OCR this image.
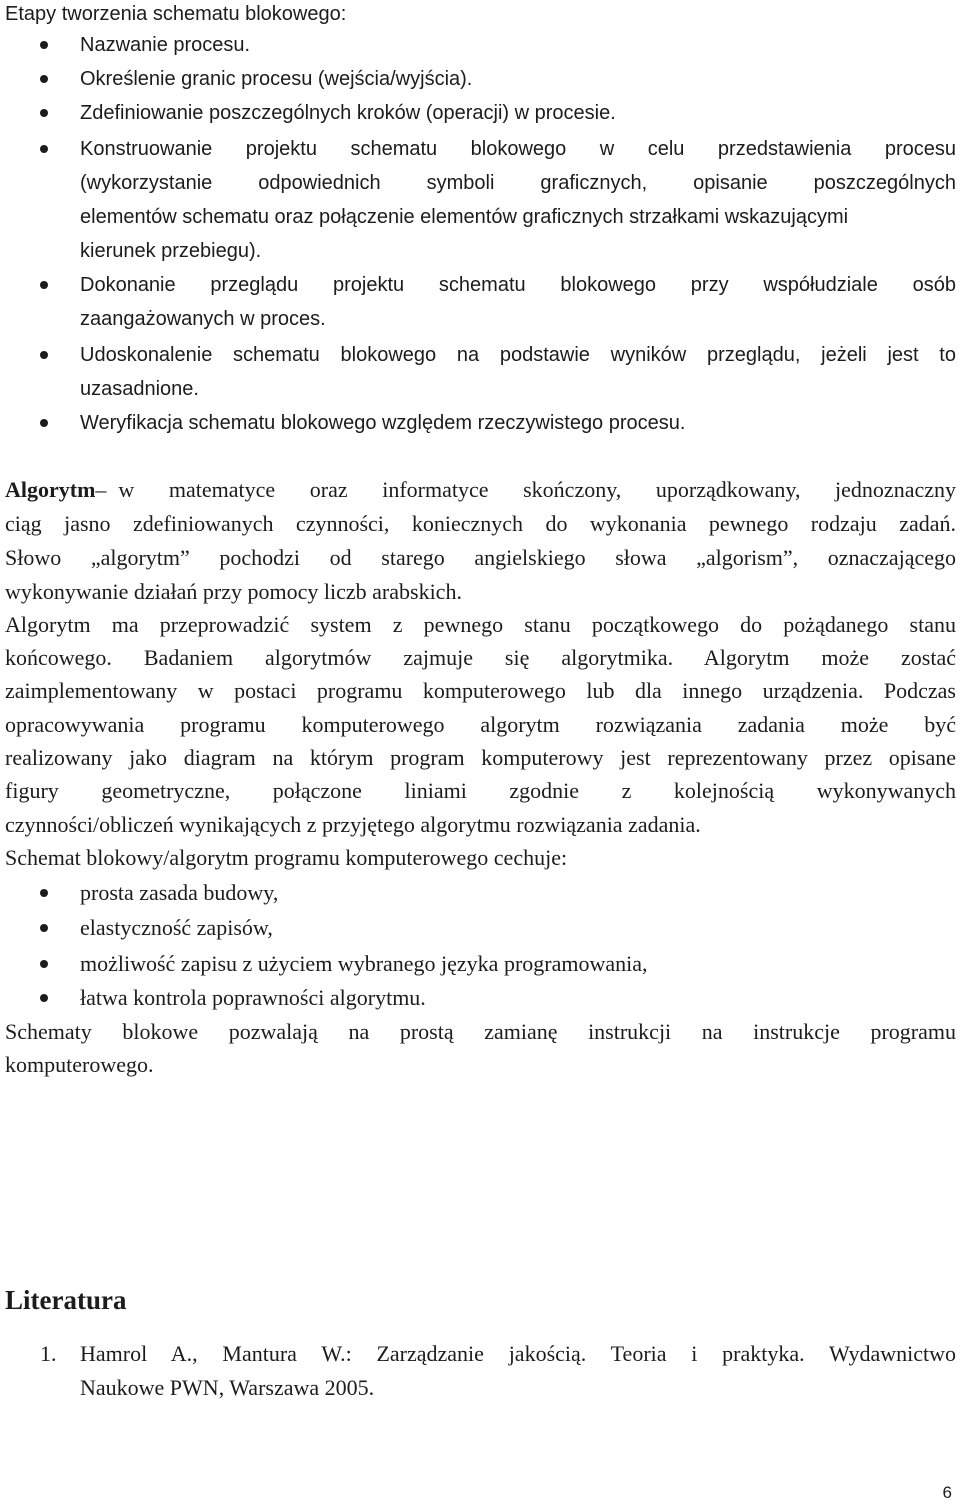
Etapy tworzenia schematu blokowego:
Nazwanie procesu.
Określenie granic procesu (wejścia/wyjścia).
Zdefiniowanie poszczególnych kroków (operacji) w procesie.
Konstruowanie projektu schematu blokowego w celu przedstawienia procesu
(wykorzystanie odpowiednich symboli graficznych, opisanie poszczególnych
elementów schematu oraz połączenie elementów graficznych strzałkami wskazującymi
kierunek przebiegu).
Dokonanie przeglądu projektu schematu blokowego przy współudziale osób
zaangażowanych w proces.
Udoskonalenie schematu blokowego na podstawie wyników przeglądu, jeżeli jest to
uzasadnione.
Weryfikacja schematu blokowego względem rzeczywistego procesu.
Algorytm – w matematyce oraz informatyce skończony, uporządkowany, jednoznaczny
ciąg jasno zdefiniowanych czynności, koniecznych do wykonania pewnego rodzaju zadań.
Słowo „algorytm” pochodzi od starego angielskiego słowa „algorism”, oznaczającego
wykonywanie działań przy pomocy liczb arabskich.
Algorytm ma przeprowadzić system z pewnego stanu początkowego do pożądanego stanu
końcowego. Badaniem algorytmów zajmuje się algorytmika. Algorytm może zostać
zaimplementowany w postaci programu komputerowego lub dla innego urządzenia. Podczas
opracowywania programu komputerowego algorytm rozwiązania zadania może być
realizowany jako diagram na którym program komputerowy jest reprezentowany przez opisane
figury geometryczne, połączone liniami zgodnie z kolejnością wykonywanych
czynności/obliczeń wynikających z przyjętego algorytmu rozwiązania zadania.
Schemat blokowy/algorytm programu komputerowego cechuje:
prosta zasada budowy,
elastyczność zapisów,
możliwość zapisu z użyciem wybranego języka programowania,
łatwa kontrola poprawności algorytmu.
Schematy blokowe pozwalają na prostą zamianę instrukcji na instrukcje programu
komputerowego.
Literatura
1. Hamrol A., Mantura W.: Zarządzanie jakością. Teoria i praktyka. Wydawnictwo
Naukowe PWN, Warszawa 2005.
6
